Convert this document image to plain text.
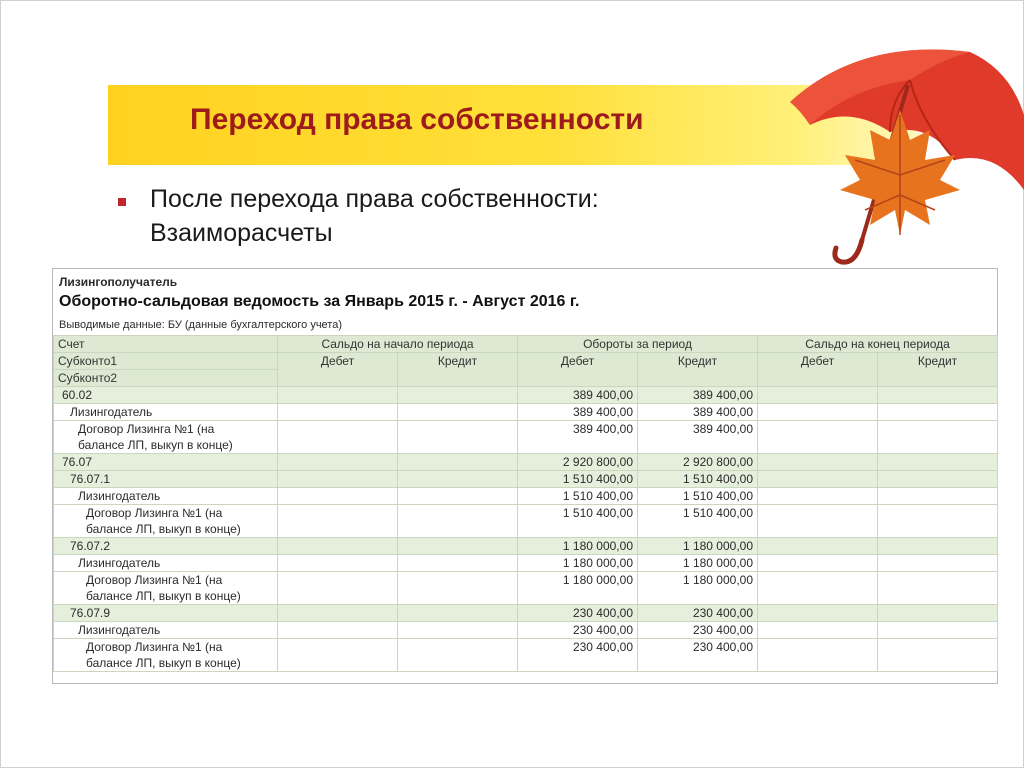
Переход права собственности
После перехода права собственности:
Взаиморасчеты
Лизингополучатель
Оборотно-сальдовая ведомость за Январь 2015 г. - Август 2016 г.
Выводимые данные: БУ (данные бухгалтерского учета)
Счет	Сальдо на начало периода		Обороты за период		Сальдо на конец периода	
Субконто1	Дебет	Кредит	Дебет	Кредит	Дебет	Кредит
Субконто2						
60.02			389 400,00	389 400,00		
Лизингодатель			389 400,00	389 400,00		

Договор Лизинга №1 (на
балансе ЛП, выкуп в конце)			389 400,00	389 400,00		
76.07			2 920 800,00	2 920 800,00		
76.07.1			1 510 400,00	1 510 400,00		
Лизингодатель			1 510 400,00	1 510 400,00		

Договор Лизинга №1 (на
балансе ЛП, выкуп в конце)			1 510 400,00	1 510 400,00		
76.07.2			1 180 000,00	1 180 000,00		
Лизингодатель			1 180 000,00	1 180 000,00		

Договор Лизинга №1 (на
балансе ЛП, выкуп в конце)			1 180 000,00	1 180 000,00		
76.07.9			230 400,00	230 400,00		
Лизингодатель			230 400,00	230 400,00		

Договор Лизинга №1 (на
балансе ЛП, выкуп в конце)			230 400,00	230 400,00		
